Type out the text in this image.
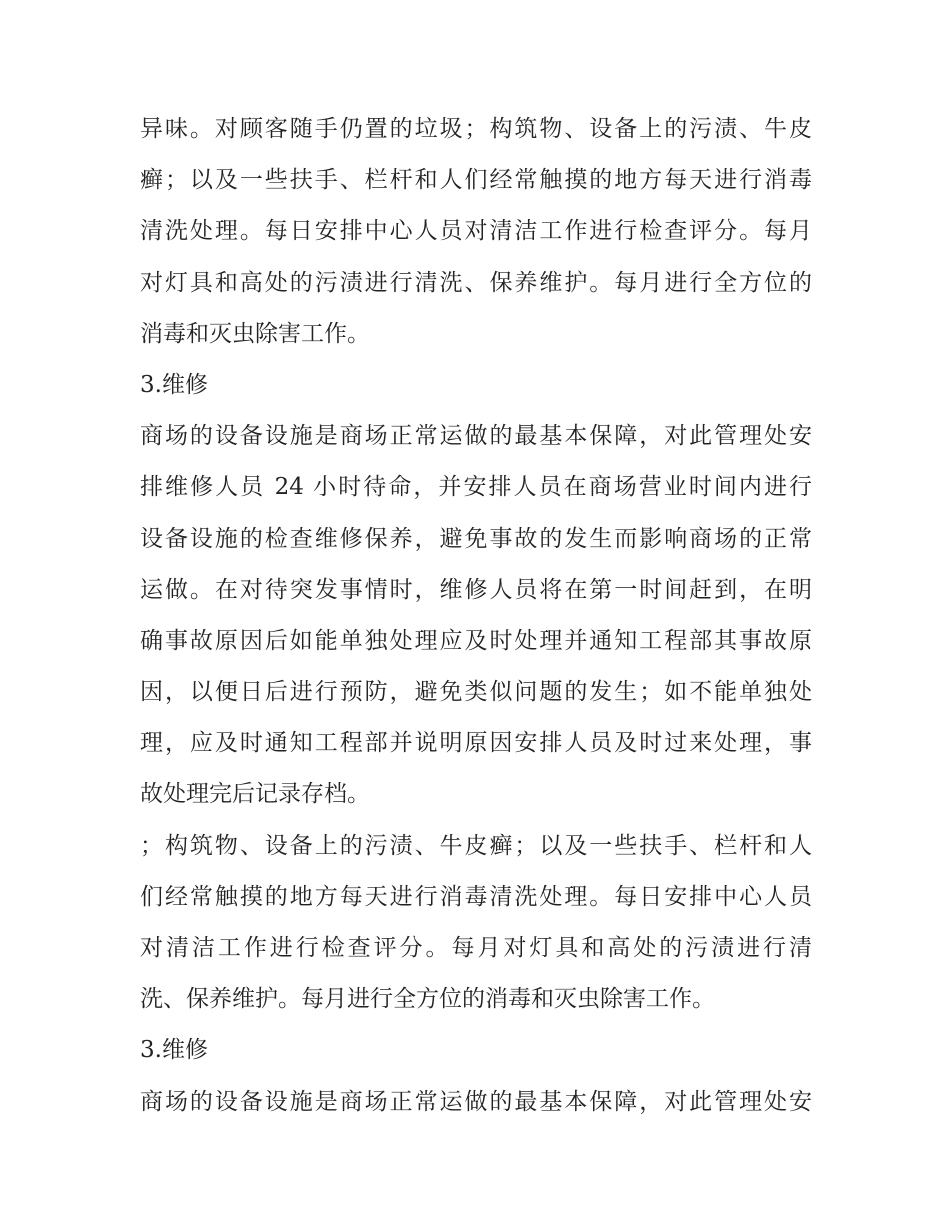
异味。对顾客随手仍置的垃圾；构筑物、设备上的污渍、牛皮
癣；以及一些扶手、栏杆和人们经常触摸的地方每天进行消毒
清洗处理。每日安排中心人员对清洁工作进行检查评分。每月
对灯具和高处的污渍进行清洗、保养维护。每月进行全方位的
消毒和灭虫除害工作。
3.维修
商场的设备设施是商场正常运做的最基本保障，对此管理处安
排维修人员 24 小时待命，并安排人员在商场营业时间内进行
设备设施的检查维修保养，避免事故的发生而影响商场的正常
运做。在对待突发事情时，维修人员将在第一时间赶到，在明
确事故原因后如能单独处理应及时处理并通知工程部其事故原
因，以便日后进行预防，避免类似问题的发生；如不能单独处
理，应及时通知工程部并说明原因安排人员及时过来处理，事
故处理完后记录存档。
；构筑物、设备上的污渍、牛皮癣；以及一些扶手、栏杆和人
们经常触摸的地方每天进行消毒清洗处理。每日安排中心人员
对清洁工作进行检查评分。每月对灯具和高处的污渍进行清
洗、保养维护。每月进行全方位的消毒和灭虫除害工作。
3.维修
商场的设备设施是商场正常运做的最基本保障，对此管理处安
